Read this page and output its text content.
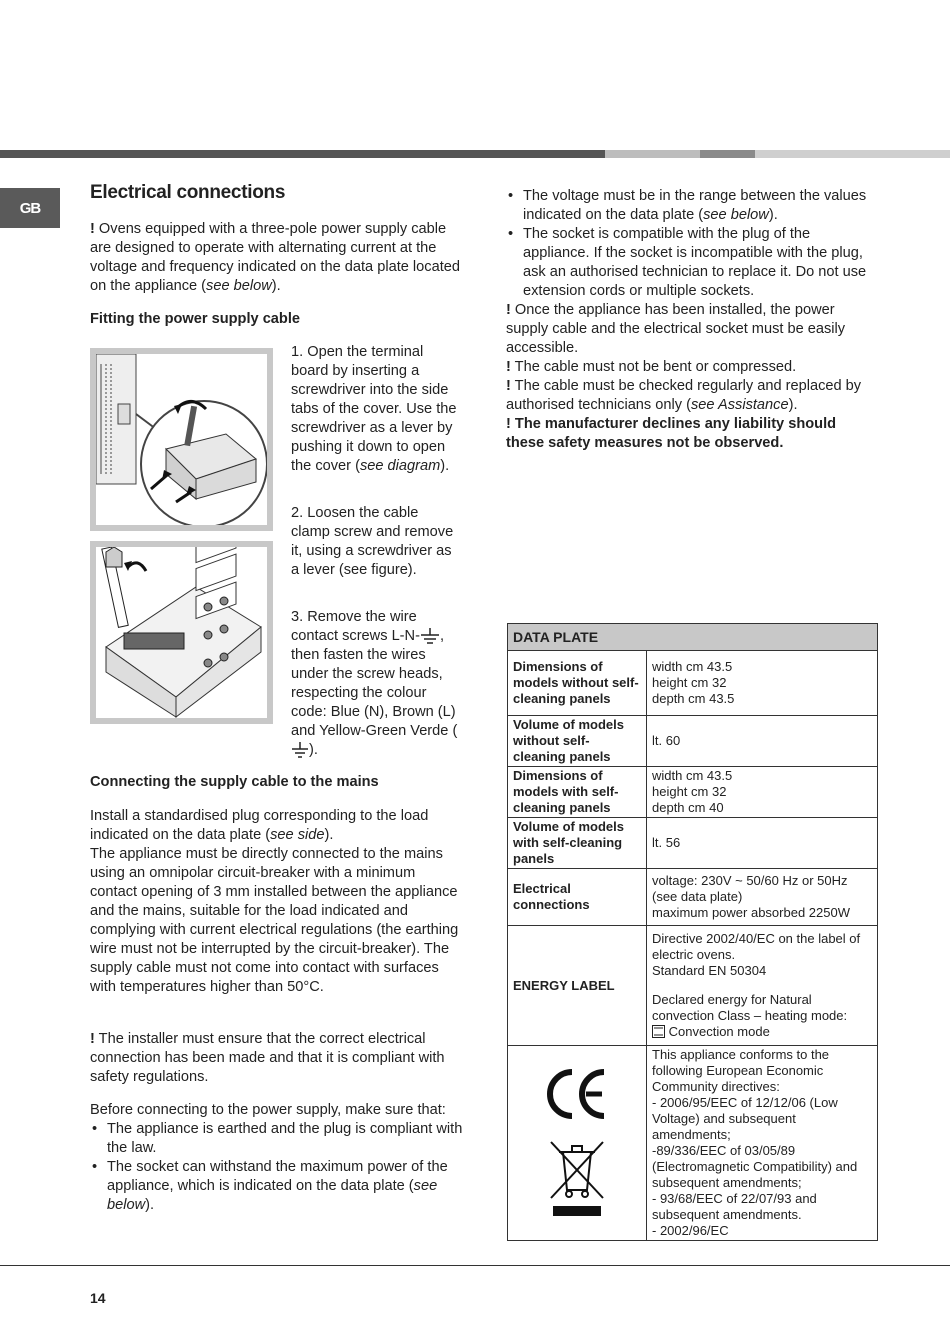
GB
Electrical connections
! Ovens equipped with a three-pole power supply cable are designed to operate with alternating current at the voltage and frequency indicated on the data plate located on the appliance (see below).
Fitting the power supply cable
1. Open the terminal board by inserting a screwdriver into the side tabs of the cover. Use the screwdriver as a lever by pushing it down to open the cover (see diagram).
2. Loosen the cable clamp screw and remove it, using a screwdriver as a lever (see figure).
3. Remove the wire contact screws L-N- , then fasten the wires under the screw heads, respecting the colour code: Blue (N), Brown (L) and Yellow-Green Verde ().
Connecting the supply cable to the mains
Install a standardised plug corresponding to the load indicated on the data plate (see side).
The appliance must be directly connected to the mains using an omnipolar circuit-breaker with a minimum contact opening of 3 mm installed between the appliance and the mains, suitable for the load indicated and complying with current electrical regulations (the earthing wire must not be interrupted by the circuit-breaker). The supply cable must not come into contact with surfaces with temperatures higher than 50°C.
! The installer must ensure that the correct electrical connection has been made and that it is compliant with safety regulations.
Before connecting to the power supply, make sure that:
• The appliance is earthed and the plug is compliant with the law.
• The socket can withstand the maximum power of the appliance, which is indicated on the data plate (see below).
• The voltage must be in the range between the values indicated on the data plate (see below).
• The socket is compatible with the plug of the appliance. If the socket is incompatible with the plug, ask an authorised technician to replace it. Do not use extension cords or multiple sockets.
! Once the appliance has been installed, the power supply cable and the electrical socket must be easily accessible.
! The cable must not be bent or compressed.
! The cable must be checked regularly and replaced by authorised technicians only (see Assistance).
! The manufacturer declines any liability should these safety measures not be observed.
DATA PLATE	
Dimensions of models without self-cleaning panels	width cm 43.5
height cm 32
depth cm 43.5

Volume of models without self-cleaning panels	lt. 60
Dimensions of models with self-cleaning panels	width cm 43.5
height cm 32
depth cm 40

Volume of models with self-cleaning panels	lt. 56
Electrical connections	voltage: 230V ~ 50/60 Hz or 50Hz (see data plate)
maximum power absorbed 2250W

ENERGY LABEL	Directive 2002/40/EC on the label of electric ovens.
Standard EN 50304
Declared energy for Natural convection Class – heating mode:
Convection mode

	This appliance conforms to the following European Economic Community directives:
- 2006/95/EEC of 12/12/06 (Low Voltage) and subsequent amendments;
-89/336/EEC of 03/05/89 (Electromagnetic Compatibility) and subsequent amendments;
- 93/68/EEC of 22/07/93 and subsequent amendments.
- 2002/96/EC
14
